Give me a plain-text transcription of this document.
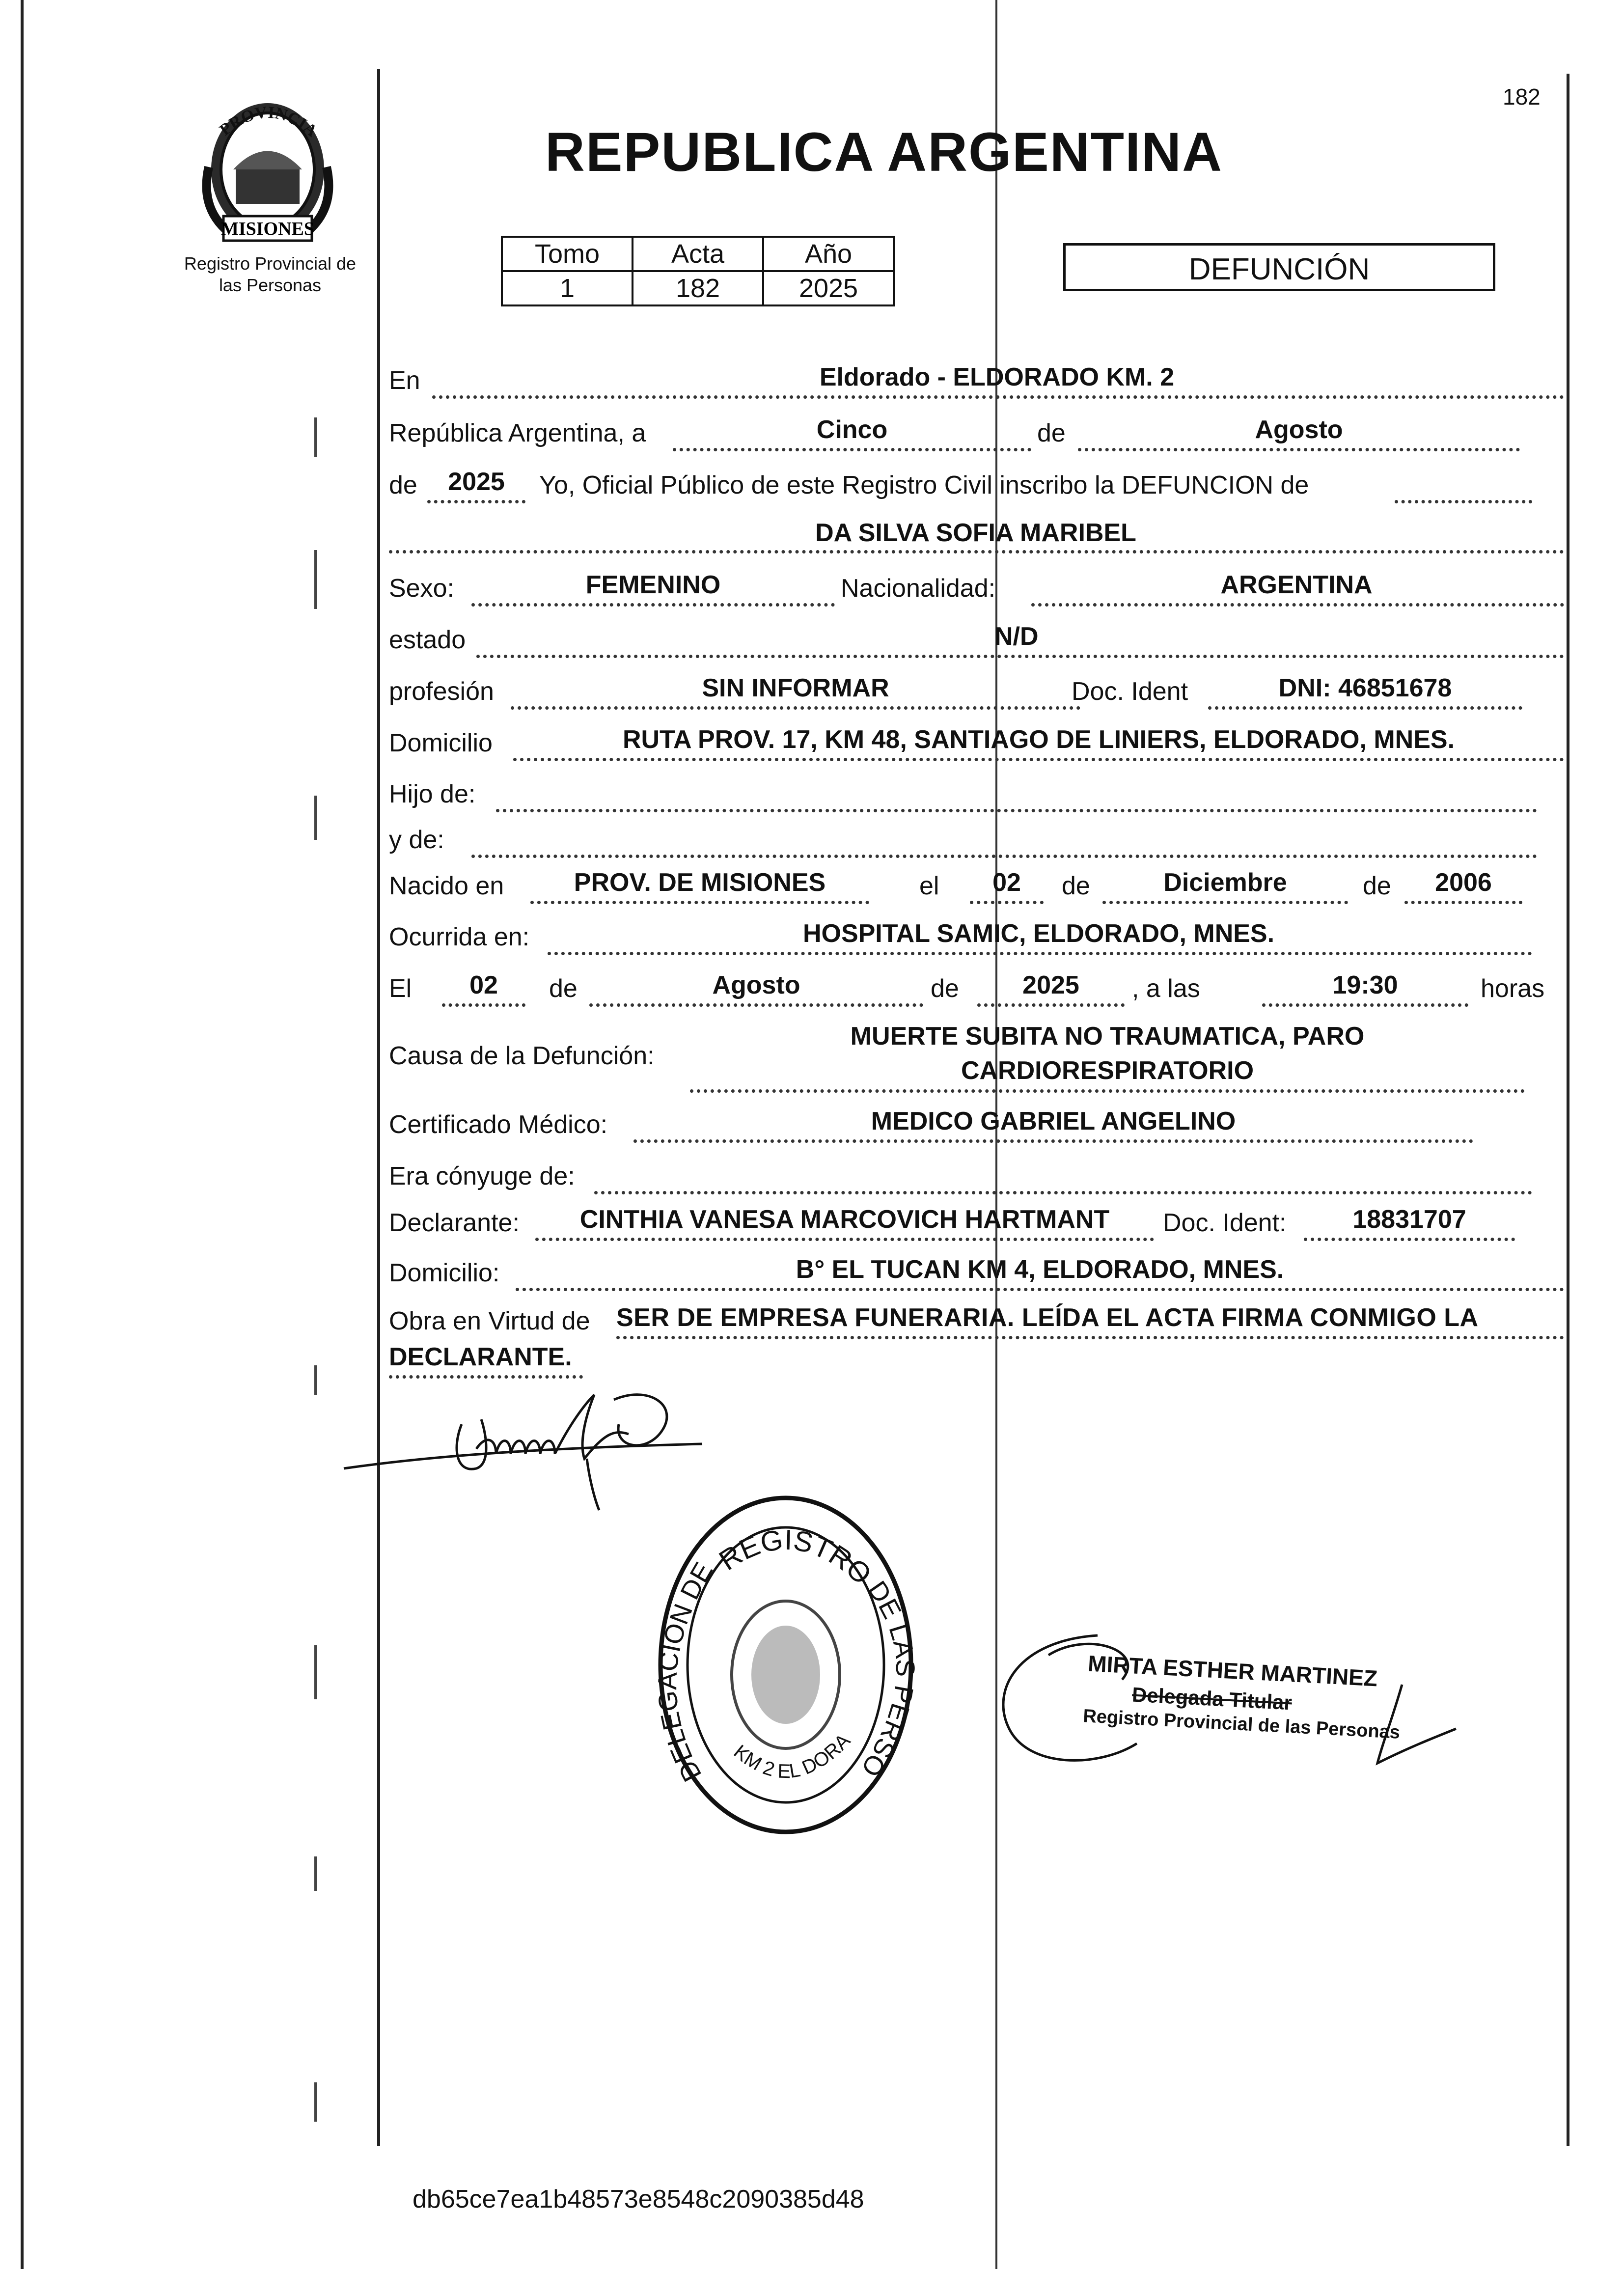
PROVINCIA
MISIONES
Registro Provincial de
las Personas
182
REPUBLICA ARGENTINA
Tomo	Acta	Año
1	182	2025
DEFUNCIÓN
En	Eldorado - ELDORADO KM. 2
República Argentina, a	Cinco	de	Agosto
de	2025	Yo, Oficial Público de este Registro Civil inscribo la DEFUNCION de
DA SILVA SOFIA MARIBEL
Sexo:	FEMENINO	Nacionalidad:	ARGENTINA
estado	N/D
profesión	SIN INFORMAR	Doc. Ident	DNI: 46851678
Domicilio	RUTA PROV. 17, KM 48, SANTIAGO DE LINIERS, ELDORADO, MNES.
Hijo de:
y de:
Nacido en	PROV. DE MISIONES	el	02	de	Diciembre	de	2006
Ocurrida en:	HOSPITAL SAMIC, ELDORADO, MNES.
El	02	de	Agosto	de	2025	, a las	19:30	horas
Causa de la Defunción:
MUERTE SUBITA NO TRAUMATICA, PARO
CARDIORESPIRATORIO
Certificado Médico:	MEDICO GABRIEL ANGELINO
Era cónyuge de:
Declarante:	CINTHIA VANESA MARCOVICH HARTMANT	Doc. Ident:	18831707
Domicilio:	B° EL TUCAN KM 4, ELDORADO, MNES.
Obra en Virtud de SER DE EMPRESA FUNERARIA. LEÍDA EL ACTA FIRMA CONMIGO LA
DECLARANTE.
REGISTRO
DE LAS PERSO
DELEGACION DE
KM 2 EL DORA
MIRTA ESTHER MARTINEZ
Delegada Titular
Registro Provincial de las Personas
db65ce7ea1b48573e8548c2090385d48
